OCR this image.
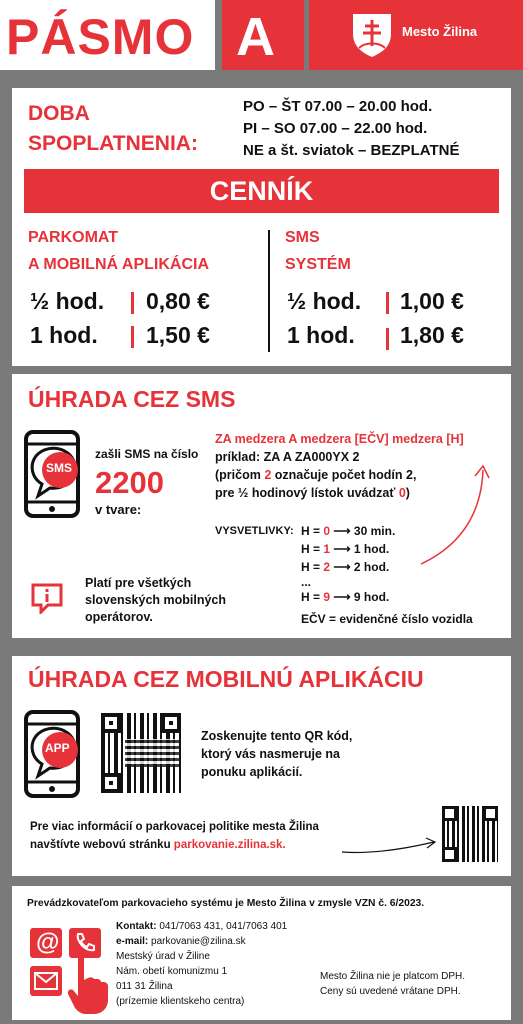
PÁSMO A	Mesto Žilina
DOBA
SPOPLATNENIA:
PO – ŠT 07.00 – 20.00 hod.
PI – SO 07.00 – 22.00 hod.
NE a št. sviatok – BEZPLATNÉ
CENNÍK
PARKOMAT
A MOBILNÁ APLIKÁCIA
SMS
SYSTÉM
½ hod. 0,80 €
1 hod. 1,50 €
½ hod. 1,00 €
1 hod. 1,80 €
ÚHRADA CEZ SMS
SMS
zašli SMS na číslo
2200
v tvare:
ZA medzera A medzera [EČV] medzera [H]
príklad: ZA A ZA000YX 2
(pričom 2 označuje počet hodín 2,
pre ½ hodinový lístok uvádzať 0)
VYSVETLIVKY: H = 0 ⟶ 30 min.
H = 1 ⟶ 1 hod.
H = 2 ⟶ 2 hod.
...
H = 9 ⟶ 9 hod.
EČV = evidenčné číslo vozidla
Platí pre všetkých
slovenských mobilných
operátorov.
ÚHRADA CEZ MOBILNÚ APLIKÁCIU
APP
Zoskenujte tento QR kód,
ktorý vás nasmeruje na
ponuku aplikácií.
Pre viac informácií o parkovacej politike mesta Žilina
navštívte webovú stránku parkovanie.zilina.sk.
Prevádzkovateľom parkovacieho systému je Mesto Žilina v zmysle VZN č. 6/2023.
@
Kontakt: 041/7063 431, 041/7063 401
e-mail: parkovanie@zilina.sk
Mestský úrad v Žiline
Nám. obetí komunizmu 1
011 31 Žilina
(prízemie klientskeho centra)
Mesto Žilina nie je platcom DPH.
Ceny sú uvedené vrátane DPH.
